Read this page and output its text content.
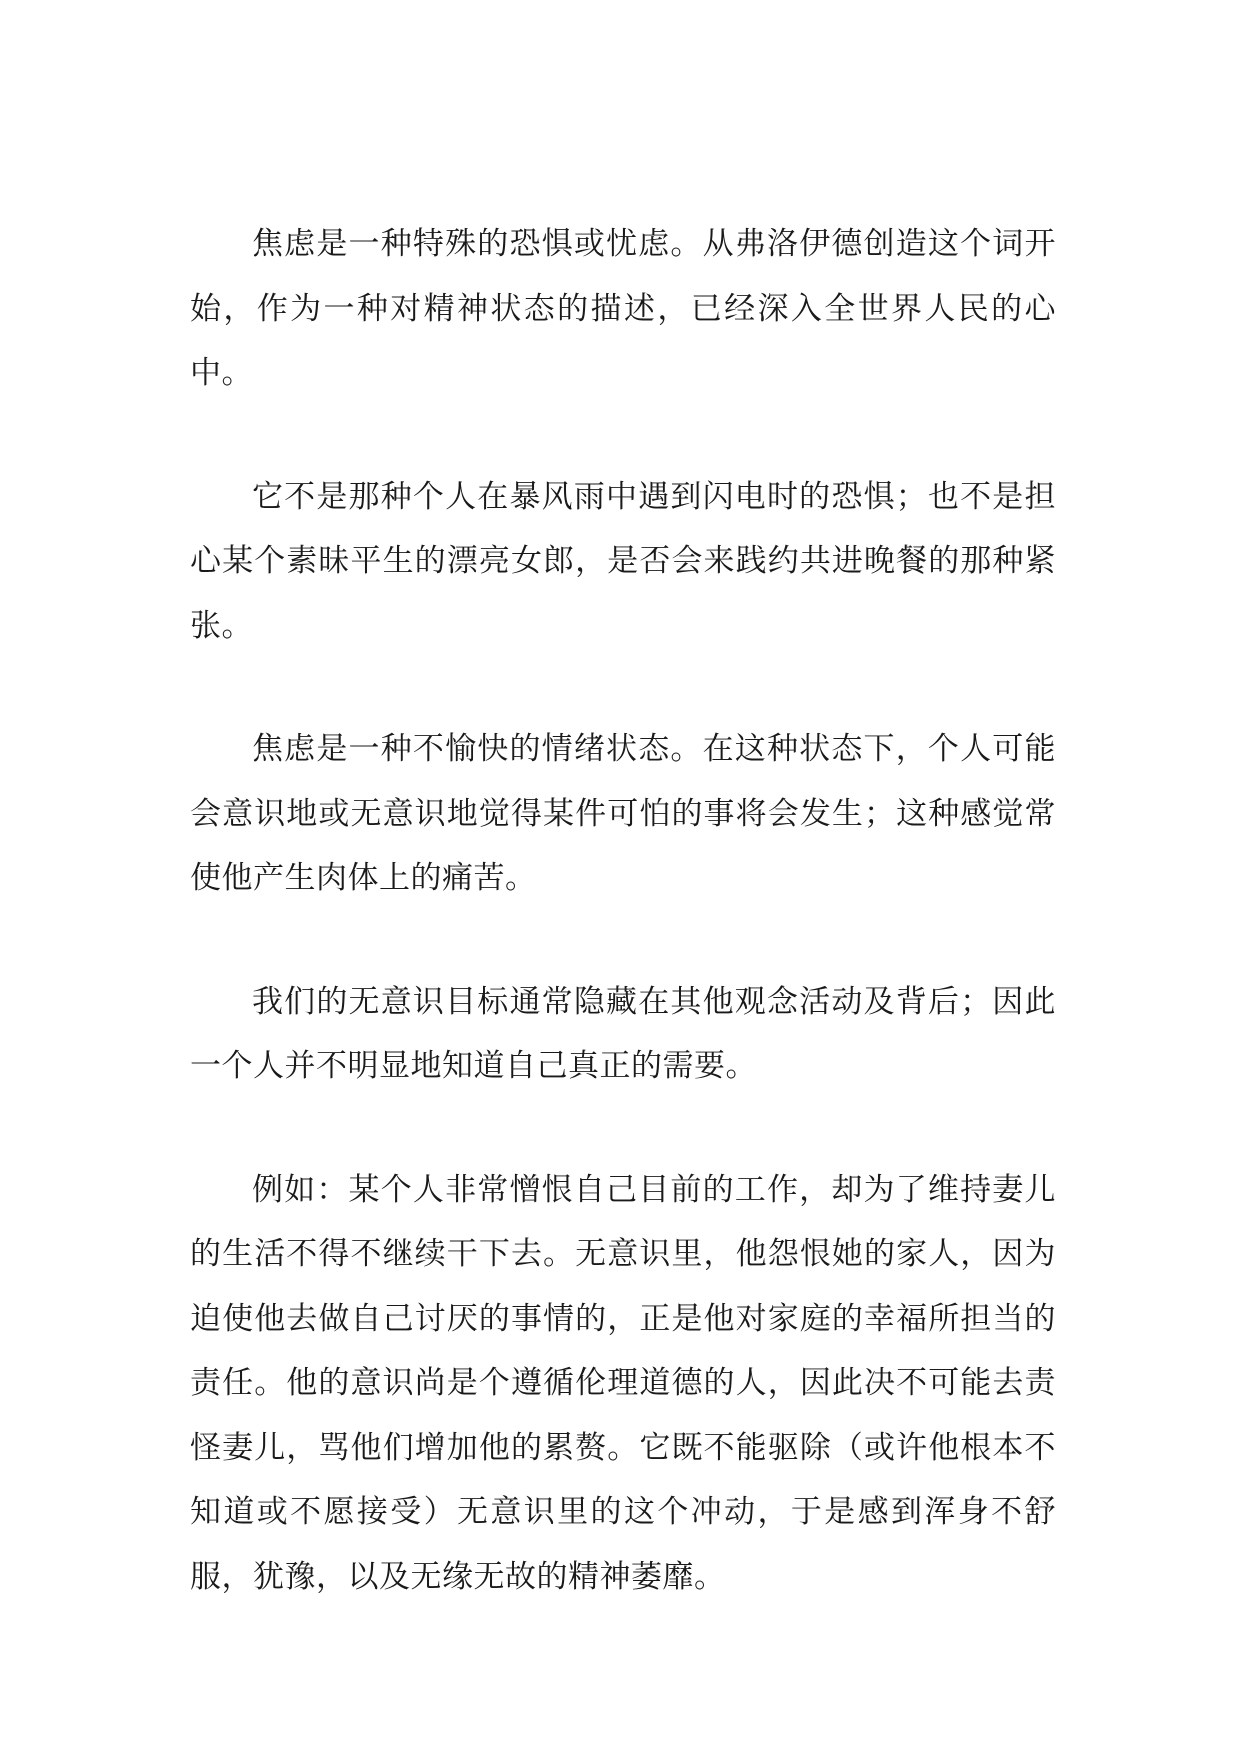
焦虑是一种特殊的恐惧或忧虑。从弗洛伊德创造这个词开始，作为一种对精神状态的描述，已经深入全世界人民的心中。

它不是那种个人在暴风雨中遇到闪电时的恐惧；也不是担心某个素昧平生的漂亮女郎，是否会来践约共进晚餐的那种紧张。

焦虑是一种不愉快的情绪状态。在这种状态下，个人可能会意识地或无意识地觉得某件可怕的事将会发生；这种感觉常使他产生肉体上的痛苦。

我们的无意识目标通常隐藏在其他观念活动及背后；因此一个人并不明显地知道自己真正的需要。

例如：某个人非常憎恨自己目前的工作，却为了维持妻儿的生活不得不继续干下去。无意识里，他怨恨她的家人，因为迫使他去做自己讨厌的事情的，正是他对家庭的幸福所担当的责任。他的意识尚是个遵循伦理道德的人，因此决不可能去责怪妻儿，骂他们增加他的累赘。它既不能驱除（或许他根本不知道或不愿接受）无意识里的这个冲动，于是感到浑身不舒服，犹豫，以及无缘无故的精神萎靡。
